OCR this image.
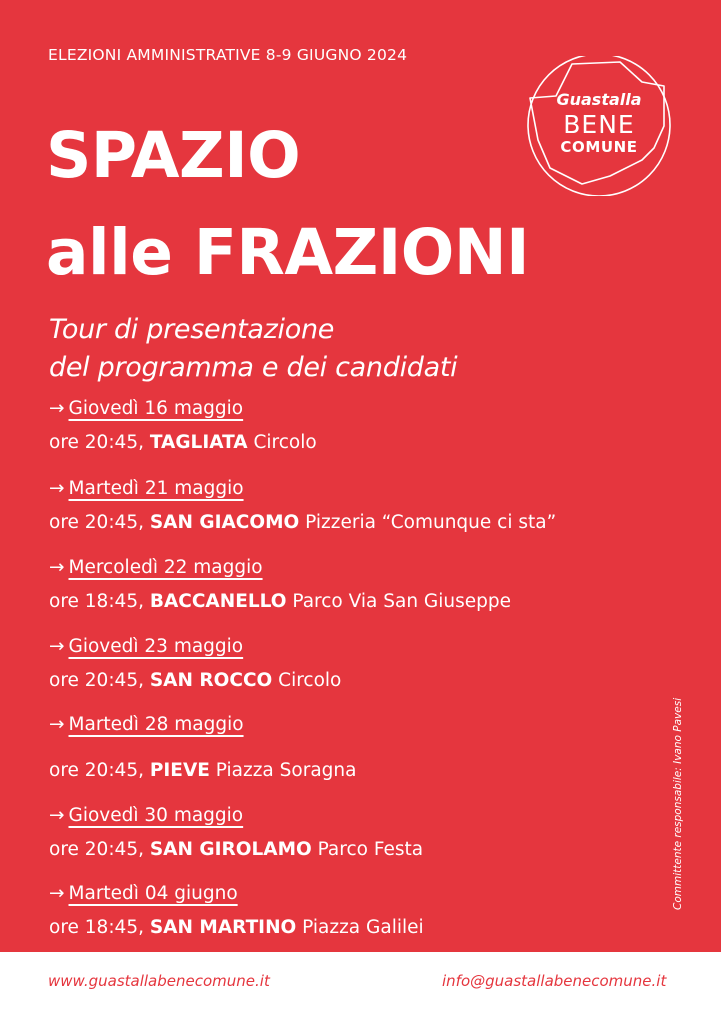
ELEZIONI AMMINISTRATIVE 8-9 GIUGNO 2024
SPAZIO
alle FRAZIONI
Tour di presentazione
del programma e dei candidati
Guastalla
BENE
COMUNE
→ Giovedì 16 maggio
ore 20:45, TAGLIATA Circolo
→ Martedì 21 maggio
ore 20:45, SAN GIACOMO Pizzeria “Comunque ci sta”
→ Mercoledì 22 maggio
ore 18:45, BACCANELLO Parco Via San Giuseppe
→ Giovedì 23 maggio
ore 20:45, SAN ROCCO Circolo
→ Martedì 28 maggio
ore 20:45, PIEVE Piazza Soragna
→ Giovedì 30 maggio
ore 20:45, SAN GIROLAMO Parco Festa
→ Martedì 04 giugno
ore 18:45, SAN MARTINO Piazza Galilei
Committente responsabile: Ivano Pavesi
www.guastallabenecomune.it	info@guastallabenecomune.it
